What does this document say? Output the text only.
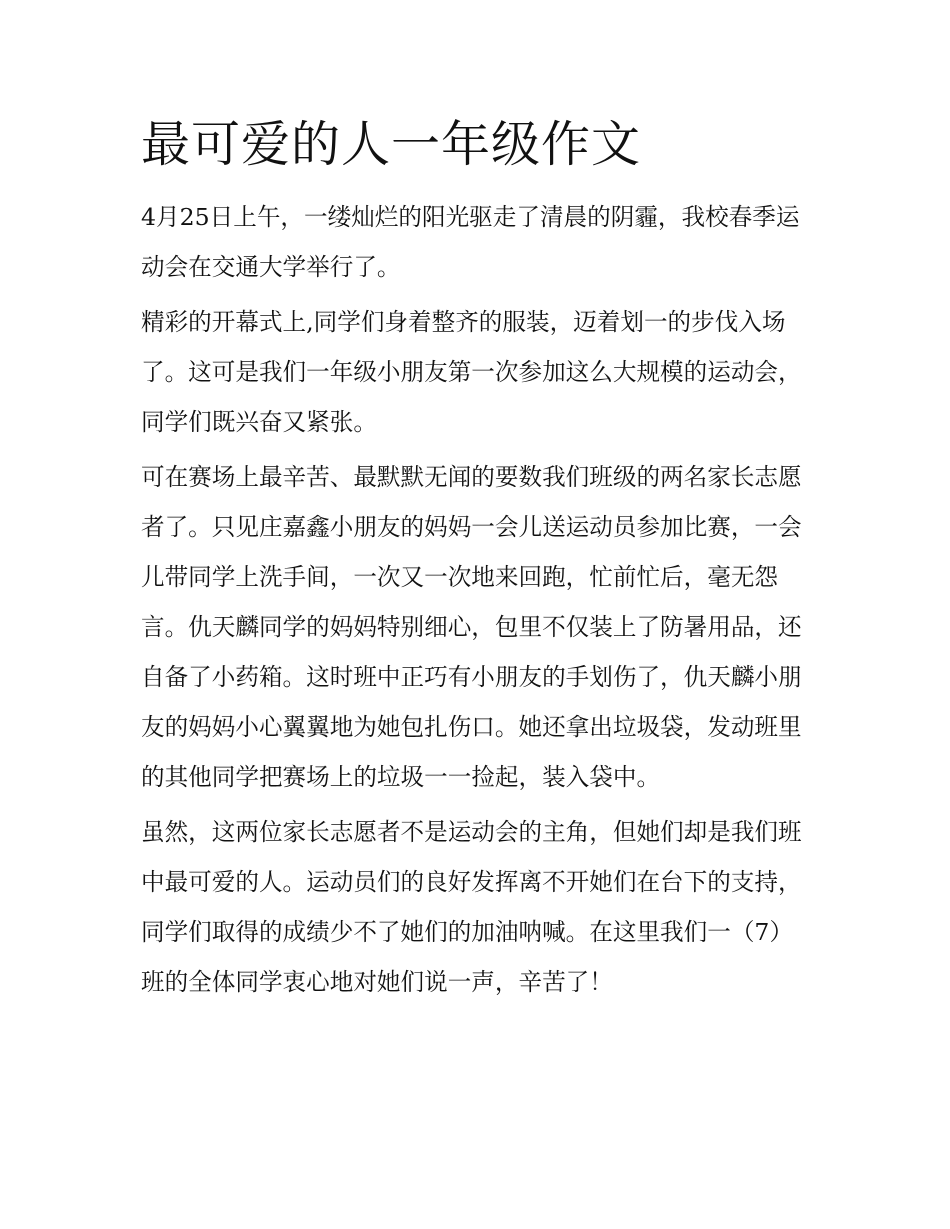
最可爱的人一年级作文

4月25日上午，一缕灿烂的阳光驱走了清晨的阴霾，我校春季运动会在交通大学举行了。

精彩的开幕式上,同学们身着整齐的服装，迈着划一的步伐入场了。这可是我们一年级小朋友第一次参加这么大规模的运动会，同学们既兴奋又紧张。

可在赛场上最辛苦、最默默无闻的要数我们班级的两名家长志愿者了。只见庄嘉鑫小朋友的妈妈一会儿送运动员参加比赛，一会儿带同学上洗手间，一次又一次地来回跑，忙前忙后，毫无怨言。仇天麟同学的妈妈特别细心，包里不仅装上了防暑用品，还自备了小药箱。这时班中正巧有小朋友的手划伤了，仇天麟小朋友的妈妈小心翼翼地为她包扎伤口。她还拿出垃圾袋，发动班里的其他同学把赛场上的垃圾一一捡起，装入袋中。

虽然，这两位家长志愿者不是运动会的主角，但她们却是我们班中最可爱的人。运动员们的良好发挥离不开她们在台下的支持，同学们取得的成绩少不了她们的加油呐喊。在这里我们一（7）班的全体同学衷心地对她们说一声，辛苦了！
